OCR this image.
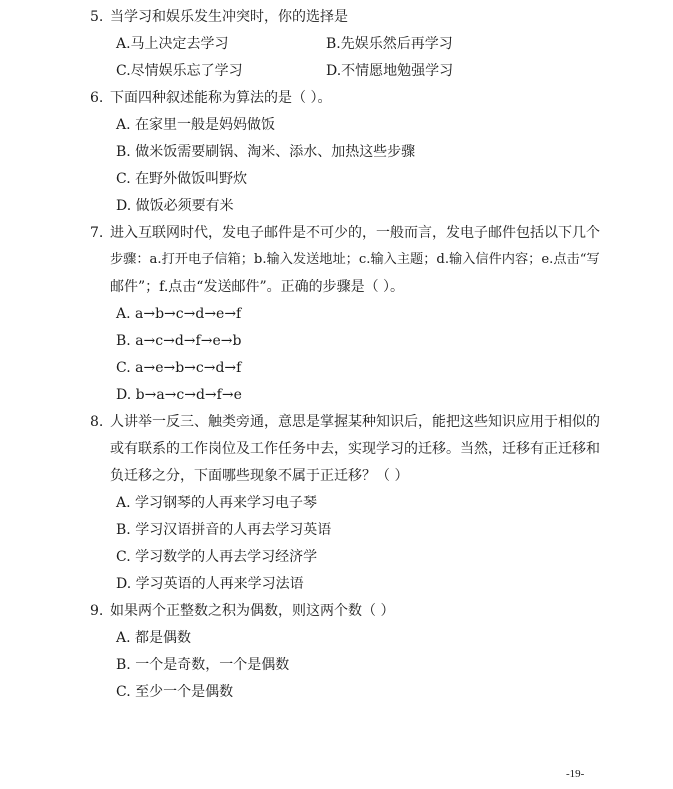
5. 当学习和娱乐发生冲突时，你的选择是
A.马上决定去学习	B.先娱乐然后再学习
C.尽情娱乐忘了学习	D.不情愿地勉强学习
6. 下面四种叙述能称为算法的是（ ）。
A. 在家里一般是妈妈做饭
B. 做米饭需要刷锅、淘米、添水、加热这些步骤
C. 在野外做饭叫野炊
D. 做饭必须要有米
7. 进入互联网时代，发电子邮件是不可少的，一般而言，发电子邮件包括以下几个
步骤：a.打开电子信箱；b.输入发送地址；c.输入主题；d.输入信件内容；e.点击“写
邮件”；f.点击“发送邮件”。正确的步骤是（ ）。
A. a→b→c→d→e→f
B. a→c→d→f→e→b
C. a→e→b→c→d→f
D. b→a→c→d→f→e
8. 人讲举一反三、触类旁通，意思是掌握某种知识后，能把这些知识应用于相似的
或有联系的工作岗位及工作任务中去，实现学习的迁移。当然，迁移有正迁移和
负迁移之分，下面哪些现象不属于正迁移？（ ）
A. 学习钢琴的人再来学习电子琴
B. 学习汉语拼音的人再去学习英语
C. 学习数学的人再去学习经济学
D. 学习英语的人再来学习法语
9. 如果两个正整数之积为偶数，则这两个数（ ）
A. 都是偶数
B. 一个是奇数，一个是偶数
C. 至少一个是偶数
-19-
